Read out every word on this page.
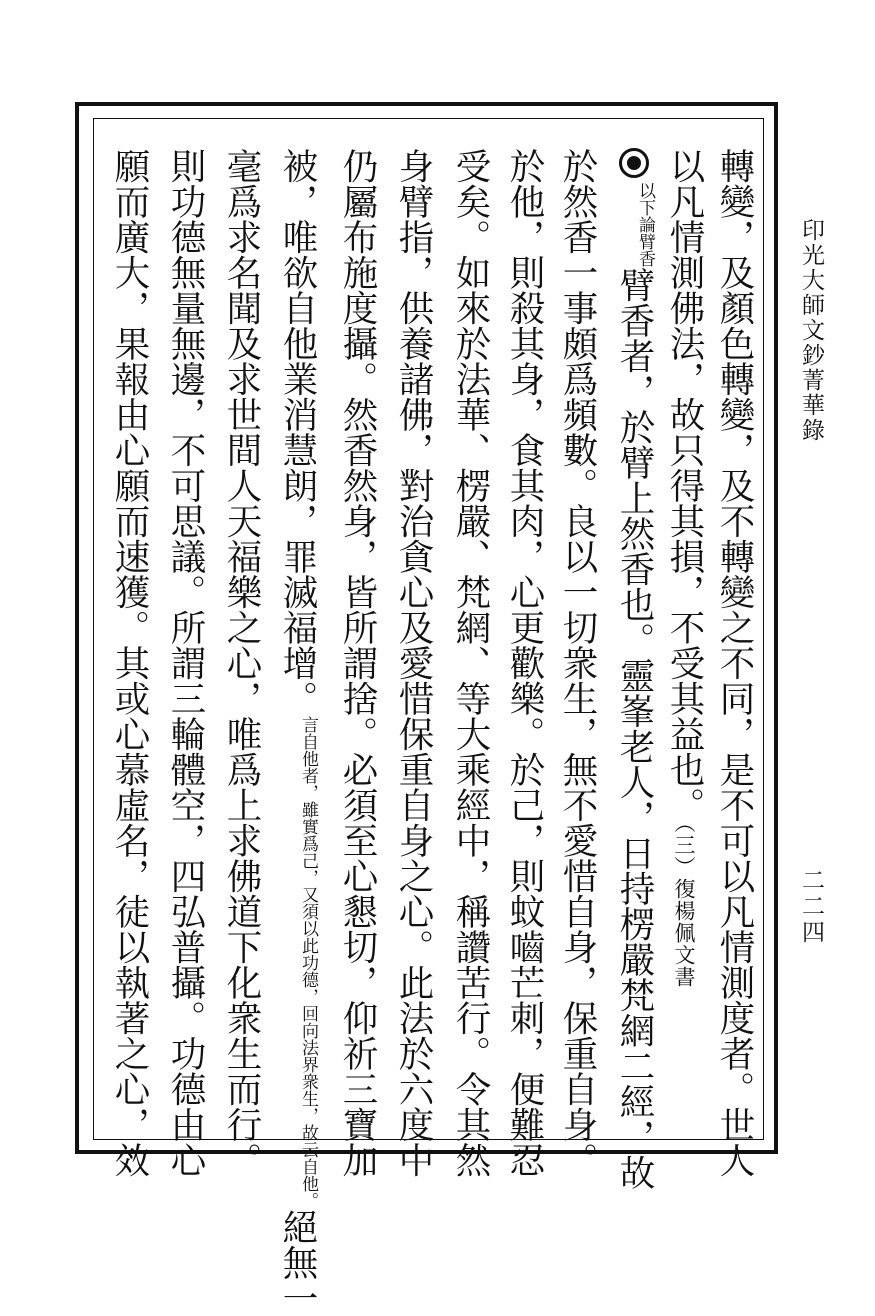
印光大師文鈔菁華錄
二二四
轉變，及顏色轉變，及不轉變之不同，是不可以凡情測度者。世人
以凡情測佛法，故只得其損，不受其益也。（三）復楊佩文書
以下論臂香臂香者，於臂上然香也。靈峯老人，日持楞嚴梵網二經，故
於然香一事頗爲頻數。良以一切衆生，無不愛惜自身，保重自身。
於他，則殺其身，食其肉，心更歡樂。於己，則蚊嚙芒刺，便難忍
受矣。如來於法華、楞嚴、梵網、等大乘經中，稱讚苦行。令其然
身臂指，供養諸佛，對治貪心及愛惜保重自身之心。此法於六度中
仍屬布施度攝。然香然身，皆所謂捨。必須至心懇切，仰祈三寶加
被，唯欲自他業消慧朗，罪滅福增。言自他者，雖實爲己，又須以此功德，回向法界衆生，故云自他。絕無一
毫爲求名聞及求世間人天福樂之心，唯爲上求佛道下化衆生而行。
則功德無量無邊，不可思議。所謂三輪體空，四弘普攝。功德由心
願而廣大，果報由心願而速獲。其或心慕虛名，徒以執著之心，效
